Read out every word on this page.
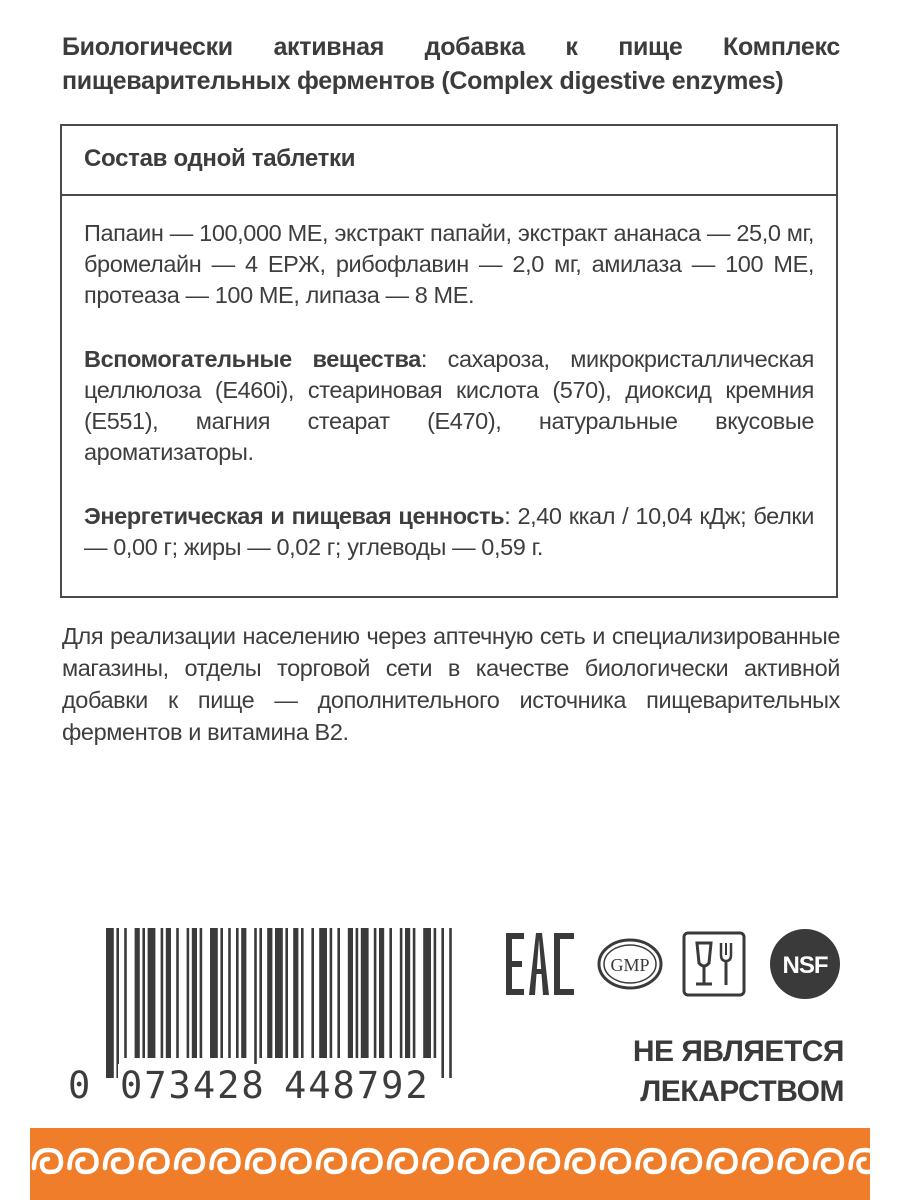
Биологически активная добавка к пище Комплекс пищеварительных ферментов (Complex digestive enzymes)
Состав одной таблетки
Папаин — 100,000 МЕ, экстракт папайи, экстракт ананаса — 25,0 мг, бромелайн — 4 ЕРЖ, рибофлавин — 2,0 мг, амилаза — 100 МЕ, протеаза — 100 МЕ, липаза — 8 МЕ.
Вспомогательные вещества: сахароза, микрокристаллическая целлюлоза (Е460i), стеариновая кислота (570), диоксид кремния (Е551), магния стеарат (Е470), натуральные вкусовые ароматизаторы.
Энергетическая и пищевая ценность: 2,40 ккал / 10,04 кДж; белки — 0,00 г; жиры — 0,02 г; углеводы — 0,59 г.
Для реализации населению через аптечную сеть и специализированные магазины, отделы торговой сети в качестве биологически активной добавки к пище — дополнительного источника пищеварительных ферментов и витамина В2.
0 073428 448792
GMP	NSF
НЕ ЯВЛЯЕТСЯ
ЛЕКАРСТВОМ
